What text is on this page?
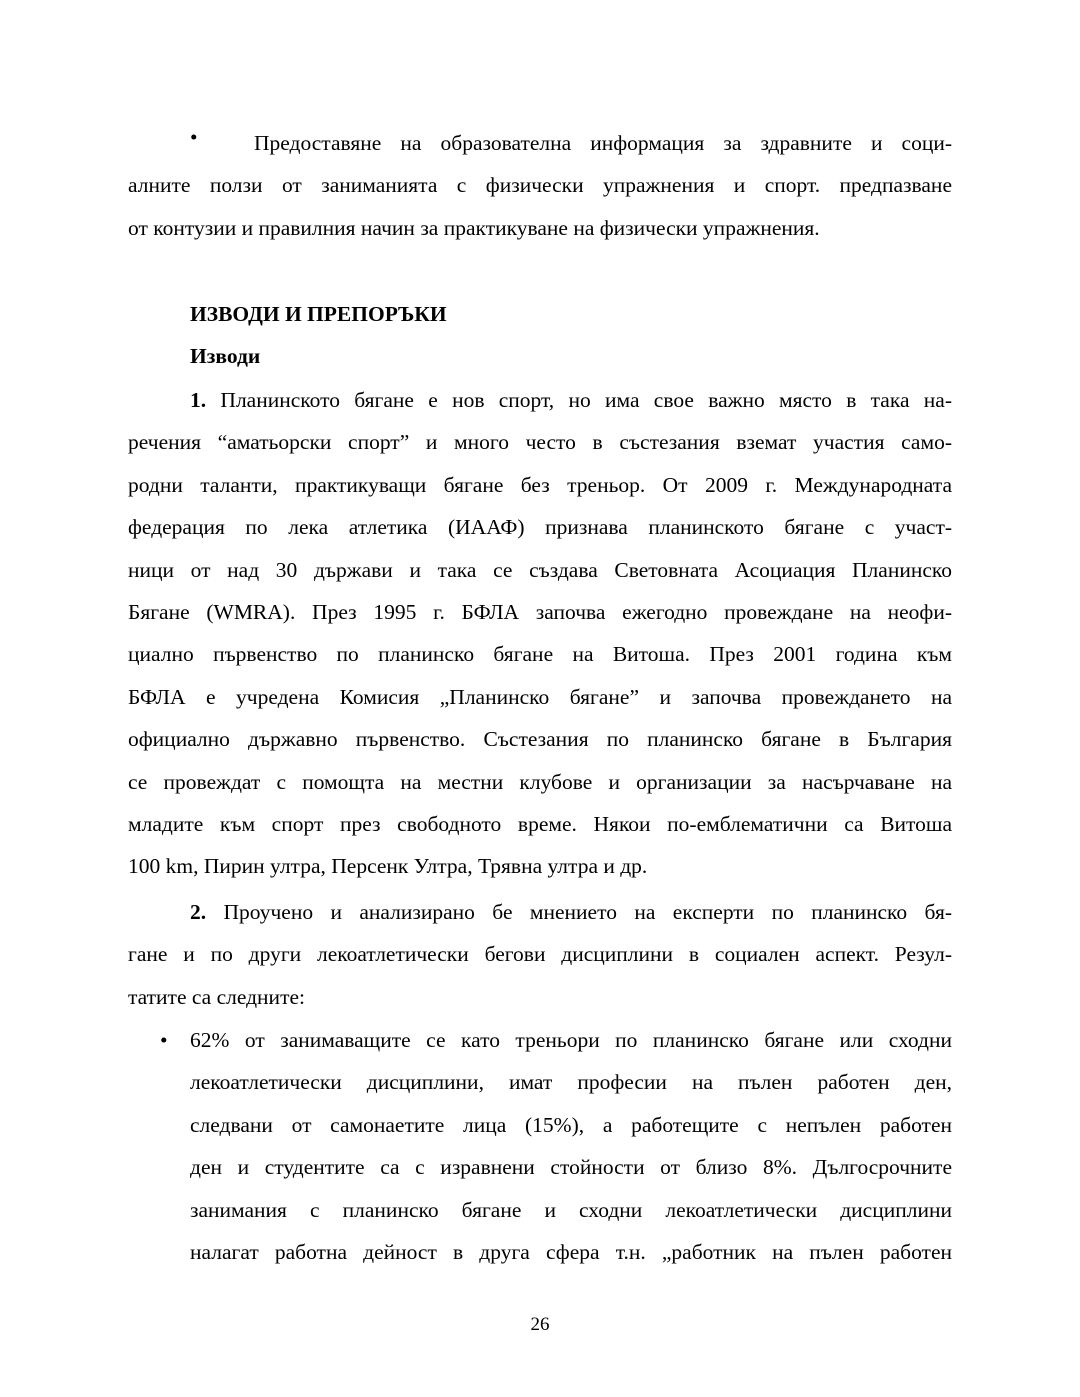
•	Предоставяне на образователна информация за здравните и соци-
алните ползи от заниманията с физически упражнения и спорт. предпазване
от контузии и правилния начин за практикуване на физически упражнения.
ИЗВОДИ И ПРЕПОРЪКИ
Изводи
1. Планинското бягане е нов спорт, но има свое важно място в така на-
речения “аматьорски спорт” и много често в състезания вземат участия само-
родни таланти, практикуващи бягане без треньор. От 2009 г. Международната
федерация по лека атлетика (ИААФ) признава планинското бягане с участ-
ници от над 30 държави и така се създава Световната Асоциация Планинско
Бягане (WMRA). През 1995 г. БФЛА започва ежегодно провеждане на неофи-
циално първенство по планинско бягане на Витоша. През 2001 година към
БФЛА е учредена Комисия „Планинско бягане” и започва провеждането на
официално държавно първенство. Състезания по планинско бягане в България
се провеждат с помощта на местни клубове и организации за насърчаване на
младите към спорт през свободното време. Някои по-емблематични са Витоша
100 km, Пирин ултра, Персенк Ултра, Трявна ултра и др.
2. Проучено и анализирано бе мнението на експерти по планинско бя-
гане и по други лекоатлетически бегови дисциплини в социален аспект. Резул-
татите са следните:
• 62% от занимаващите се като треньори по планинско бягане или сходни
лекоатлетически дисциплини, имат професии на пълен работен ден,
следвани от самонаетите лица (15%), а работещите с непълен работен
ден и студентите са с изравнени стойности от близо 8%. Дългосрочните
занимания с планинско бягане и сходни лекоатлетически дисциплини
налагат работна дейност в друга сфера т.н. „работник на пълен работен
26
